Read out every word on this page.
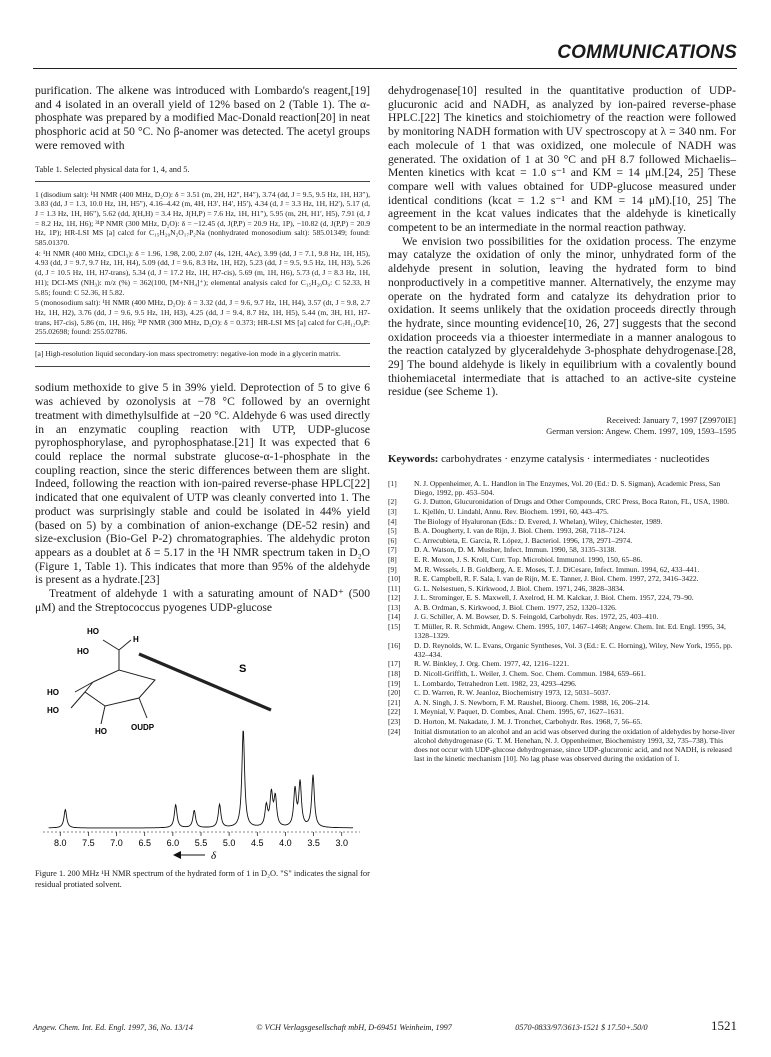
COMMUNICATIONS

purification. The alkene was introduced with Lombardo's reagent,[19] and 4 isolated in an overall yield of 12% based on 2 (Table 1). The α-phosphate was prepared by a modified Mac-Donald reaction[20] in neat phosphoric acid at 50 °C. No β-anomer was detected. The acetyl groups were removed with

Table 1. Selected physical data for 1, 4, and 5.

1 (disodium salt): ¹H NMR (400 MHz, D₂O): δ = 3.51 (m, 2H, H2″, H4″), 3.74 (dd, J = 9.5, 9.5 Hz, 1H, H3″), 3.83 (dd, J = 1.3, 10.0 Hz, 1H, H5″), 4.16–4.42 (m, 4H, H3′, H4′, H5′), 4.34 (d, J = 3.3 Hz, 1H, H2′), 5.17 (d, J = 1.3 Hz, 1H, H6″), 5.62 (dd, J(H,H) = 3.4 Hz, J(H,P) = 7.6 Hz, 1H, H1″), 5.95 (m, 2H, H1′, H5), 7.91 (d, J = 8.2 Hz, 1H, H6); ³¹P NMR (300 MHz, D₂O): δ = −12.45 (d, J(P,P) = 20.9 Hz, 1P), −10.82 (d, J(P,P) = 20.9 Hz, 1P); HR-LSI MS [a] calcd for C₁₅H₂₀N₂O₁₇P₂Na (nonhydrated monosodium salt): 585.01349; found: 585.01370.

4: ¹H NMR (400 MHz, CDCl₃): δ = 1.96, 1.98, 2.00, 2.07 (4s, 12H, 4Ac), 3.99 (dd, J = 7.1, 9.8 Hz, 1H, H5), 4.93 (dd, J = 9.7, 9.7 Hz, 1H, H4), 5.09 (dd, J = 9.6, 8.3 Hz, 1H, H2), 5.23 (dd, J = 9.5, 9.5 Hz, 1H, H3), 5.26 (d, J = 10.5 Hz, 1H, H7-trans), 5.34 (d, J = 17.2 Hz, 1H, H7-cis), 5.69 (m, 1H, H6), 5.73 (d, J = 8.3 Hz, 1H, H1); DCI-MS (NH₃): m/z (%) = 362(100, [M+NH₄]⁺); elemental analysis calcd for C₁₅H₂₀O₉: C 52.33, H 5.85; found: C 52.36, H 5.82.

5 (monosodium salt): ¹H NMR (400 MHz, D₂O): δ = 3.32 (dd, J = 9.6, 9.7 Hz, 1H, H4), 3.57 (dt, J = 9.8, 2.7 Hz, 1H, H2), 3.76 (dd, J = 9.6, 9.5 Hz, 1H, H3), 4.25 (dd, J = 9.4, 8.7 Hz, 1H, H5), 5.44 (m, 3H, H1, H7-trans, H7-cis), 5.86 (m, 1H, H6); ³¹P NMR (300 MHz, D₂O): δ = 0.373; HR-LSI MS [a] calcd for C₇H₁₂O₈P: 255.02698; found: 255.02786.

[a] High-resolution liquid secondary-ion mass spectrometry: negative-ion mode in a glycerin matrix.

sodium methoxide to give 5 in 39% yield. Deprotection of 5 to give 6 was achieved by ozonolysis at −78 °C followed by an overnight treatment with dimethylsulfide at −20 °C. Aldehyde 6 was used directly in an enzymatic coupling reaction with UTP, UDP-glucose pyrophosphorylase, and pyrophosphatase.[21] It was expected that 6 could replace the normal substrate glucose-α-1-phosphate in the coupling reaction, since the steric differences between them are slight. Indeed, following the reaction with ion-paired reverse-phase HPLC[22] indicated that one equivalent of UTP was cleanly converted into 1. The product was surprisingly stable and could be isolated in 44% yield (based on 5) by a combination of anion-exchange (DE-52 resin) and size-exclusion (Bio-Gel P-2) chromatographies. The aldehydic proton appears as a doublet at δ = 5.17 in the ¹H NMR spectrum taken in D₂O (Figure 1, Table 1). This indicates that more than 95% of the aldehyde is present as a hydrate.[23]

Treatment of aldehyde 1 with a saturating amount of NAD⁺ (500 μM) and the Streptococcus pyogenes UDP-glucose

HO
H
HO
HO
HO
HO	OUDP
S
8.0 7.5 7.0 6.5 6.0 5.5 5.0 4.5 4.0 3.5 3.0
δ
Figure 1. 200 MHz ¹H NMR spectrum of the hydrated form of 1 in D₂O. "S" indicates the signal for residual protiated solvent.

dehydrogenase[10] resulted in the quantitative production of UDP-glucuronic acid and NADH, as analyzed by ion-paired reverse-phase HPLC.[22] The kinetics and stoichiometry of the reaction were followed by monitoring NADH formation with UV spectroscopy at λ = 340 nm. For each molecule of 1 that was oxidized, one molecule of NADH was generated. The oxidation of 1 at 30 °C and pH 8.7 followed Michaelis–Menten kinetics with kcat = 1.0 s⁻¹ and KM = 14 μM.[24, 25] These compare well with values obtained for UDP-glucose measured under identical conditions (kcat = 1.2 s⁻¹ and KM = 14 μM).[10, 25] The agreement in the kcat values indicates that the aldehyde is kinetically competent to be an intermediate in the normal reaction pathway.

We envision two possibilities for the oxidation process. The enzyme may catalyze the oxidation of only the minor, unhydrated form of the aldehyde present in solution, leaving the hydrated form to bind nonproductively in a competitive manner. Alternatively, the enzyme may operate on the hydrated form and catalyze its dehydration prior to oxidation. It seems unlikely that the oxidation proceeds directly through the hydrate, since mounting evidence[10, 26, 27] suggests that the second oxidation proceeds via a thioester intermediate in a manner analogous to the reaction catalyzed by glyceraldehyde 3-phosphate dehydrogenase.[28, 29] The bound aldehyde is likely in equilibrium with a covalently bound thiohemiacetal intermediate that is attached to an active-site cysteine residue (see Scheme 1).

Received: January 7, 1997 [Z9970IE]
German version: Angew. Chem. 1997, 109, 1593–1595
Keywords: carbohydrates · enzyme catalysis · intermediates · nucleotides
[1]	N. J. Oppenheimer, A. L. Handlon in The Enzymes, Vol. 20 (Ed.: D. S. Sigman), Academic Press, San Diego, 1992, pp. 453–504.
[2]	G. J. Dutton, Glucuronidation of Drugs and Other Compounds, CRC Press, Boca Raton, FL, USA, 1980.
[3]	L. Kjellén, U. Lindahl, Annu. Rev. Biochem. 1991, 60, 443–475.
[4]	The Biology of Hyaluronan (Eds.: D. Evered, J. Whelan), Wiley, Chichester, 1989.
[5]	B. A. Dougherty, I. van de Rijn, J. Biol. Chem. 1993, 268, 7118–7124.
[6]	C. Arrecubieta, E. Garcia, R. López, J. Bacteriol. 1996, 178, 2971–2974.
[7]	D. A. Watson, D. M. Musher, Infect. Immun. 1990, 58, 3135–3138.
[8]	E. R. Moxon, J. S. Kroll, Curr. Top. Microbiol. Immunol. 1990, 150, 65–86.
[9]	M. R. Wessels, J. B. Goldberg, A. E. Moses, T. J. DiCesare, Infect. Immun. 1994, 62, 433–441.
[10]	R. E. Campbell, R. F. Sala, I. van de Rijn, M. E. Tanner, J. Biol. Chem. 1997, 272, 3416–3422.
[11]	G. L. Nelsestuen, S. Kirkwood, J. Biol. Chem. 1971, 246, 3828–3834.
[12]	J. L. Strominger, E. S. Maxwell, J. Axelrod, H. M. Kalckar, J. Biol. Chem. 1957, 224, 79–90.
[13]	A. B. Ordman, S. Kirkwood, J. Biol. Chem. 1977, 252, 1320–1326.
[14]	J. G. Schiller, A. M. Bowser, D. S. Feingold, Carbohydr. Res. 1972, 25, 403–410.
[15]	T. Müller, R. R. Schmidt, Angew. Chem. 1995, 107, 1467–1468; Angew. Chem. Int. Ed. Engl. 1995, 34, 1328–1329.
[16]	D. D. Reynolds, W. L. Evans, Organic Syntheses, Vol. 3 (Ed.: E. C. Horning), Wiley, New York, 1955, pp. 432–434.
[17]	R. W. Binkley, J. Org. Chem. 1977, 42, 1216–1221.
[18]	D. Nicoll-Griffith, L. Weiler, J. Chem. Soc. Chem. Commun. 1984, 659–661.
[19]	L. Lombardo, Tetrahedron Lett. 1982, 23, 4293–4296.
[20]	C. D. Warren, R. W. Jeanloz, Biochemistry 1973, 12, 5031–5037.
[21]	A. N. Singh, J. S. Newborn, F. M. Raushel, Bioorg. Chem. 1988, 16, 206–214.
[22]	I. Meynial, V. Paquet, D. Combes, Anal. Chem. 1995, 67, 1627–1631.
[23]	D. Horton, M. Nakadate, J. M. J. Tronchet, Carbohydr. Res. 1968, 7, 56–65.
[24]	Initial dismutation to an alcohol and an acid was observed during the oxidation of aldehydes by horse-liver alcohol dehydrogenase (G. T. M. Henehan, N. J. Oppenheimer, Biochemistry 1993, 32, 735–738). This does not occur with UDP-glucose dehydrogenase, since UDP-glucuronic acid, and not NADH, is released last in the kinetic mechanism [10]. No lag phase was observed during the oxidation of 1.
Angew. Chem. Int. Ed. Engl. 1997, 36, No. 13/14	© VCH Verlagsgesellschaft mbH, D-69451 Weinheim, 1997	0570-0833/97/3613-1521 $ 17.50+.50/0	1521
